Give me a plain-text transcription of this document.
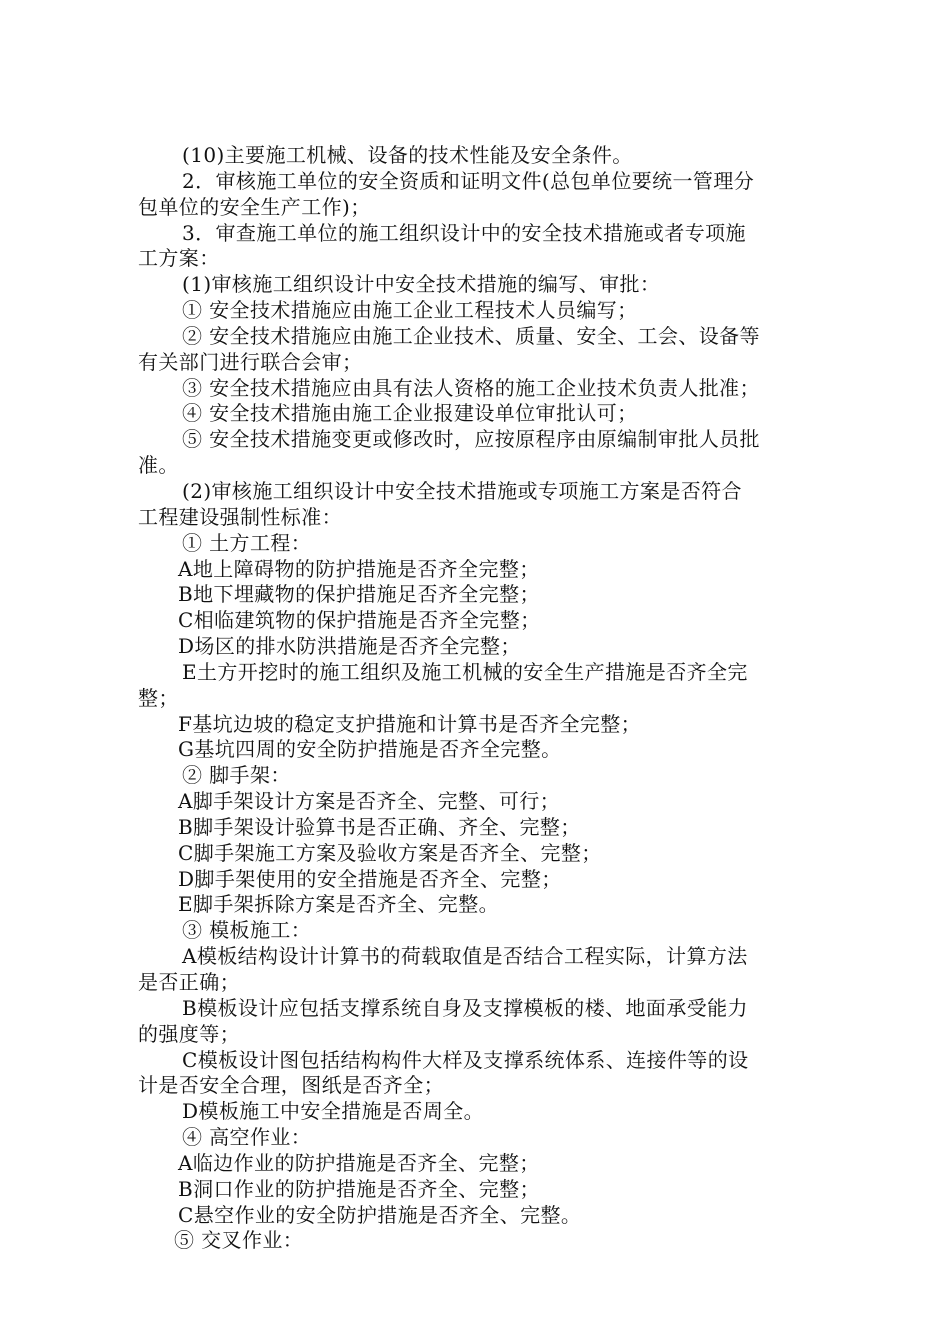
(10)主要施工机械、设备的技术性能及安全条件。
2．审核施工单位的安全资质和证明文件(总包单位要统一管理分
包单位的安全生产工作)；
3．审查施工单位的施工组织设计中的安全技术措施或者专项施
工方案：
(1)审核施工组织设计中安全技术措施的编写、审批：
① 安全技术措施应由施工企业工程技术人员编写；
② 安全技术措施应由施工企业技术、质量、安全、工会、设备等
有关部门进行联合会审；
③ 安全技术措施应由具有法人资格的施工企业技术负责人批准；
④ 安全技术措施由施工企业报建设单位审批认可；
⑤ 安全技术措施变更或修改时，应按原程序由原编制审批人员批
准。
(2)审核施工组织设计中安全技术措施或专项施工方案是否符合
工程建设强制性标准：
① 土方工程：
A地上障碍物的防护措施是否齐全完整；
B地下埋藏物的保护措施足否齐全完整；
C相临建筑物的保护措施是否齐全完整；
D场区的排水防洪措施是否齐全完整；
E土方开挖时的施工组织及施工机械的安全生产措施是否齐全完
整；
F基坑边坡的稳定支护措施和计算书是否齐全完整；
G基坑四周的安全防护措施是否齐全完整。
② 脚手架：
A脚手架设计方案是否齐全、完整、可行；
B脚手架设计验算书是否正确、齐全、完整；
C脚手架施工方案及验收方案是否齐全、完整；
D脚手架使用的安全措施是否齐全、完整；
E脚手架拆除方案是否齐全、完整。
③ 模板施工：
A模板结构设计计算书的荷载取值是否结合工程实际，计算方法
是否正确；
B模板设计应包括支撑系统自身及支撑模板的楼、地面承受能力
的强度等；
C模板设计图包括结构构件大样及支撑系统体系、连接件等的设
计是否安全合理，图纸是否齐全；
D模板施工中安全措施是否周全。
④ 高空作业：
A临边作业的防护措施是否齐全、完整；
B洞口作业的防护措施是否齐全、完整；
C悬空作业的安全防护措施是否齐全、完整。
⑤ 交叉作业：
